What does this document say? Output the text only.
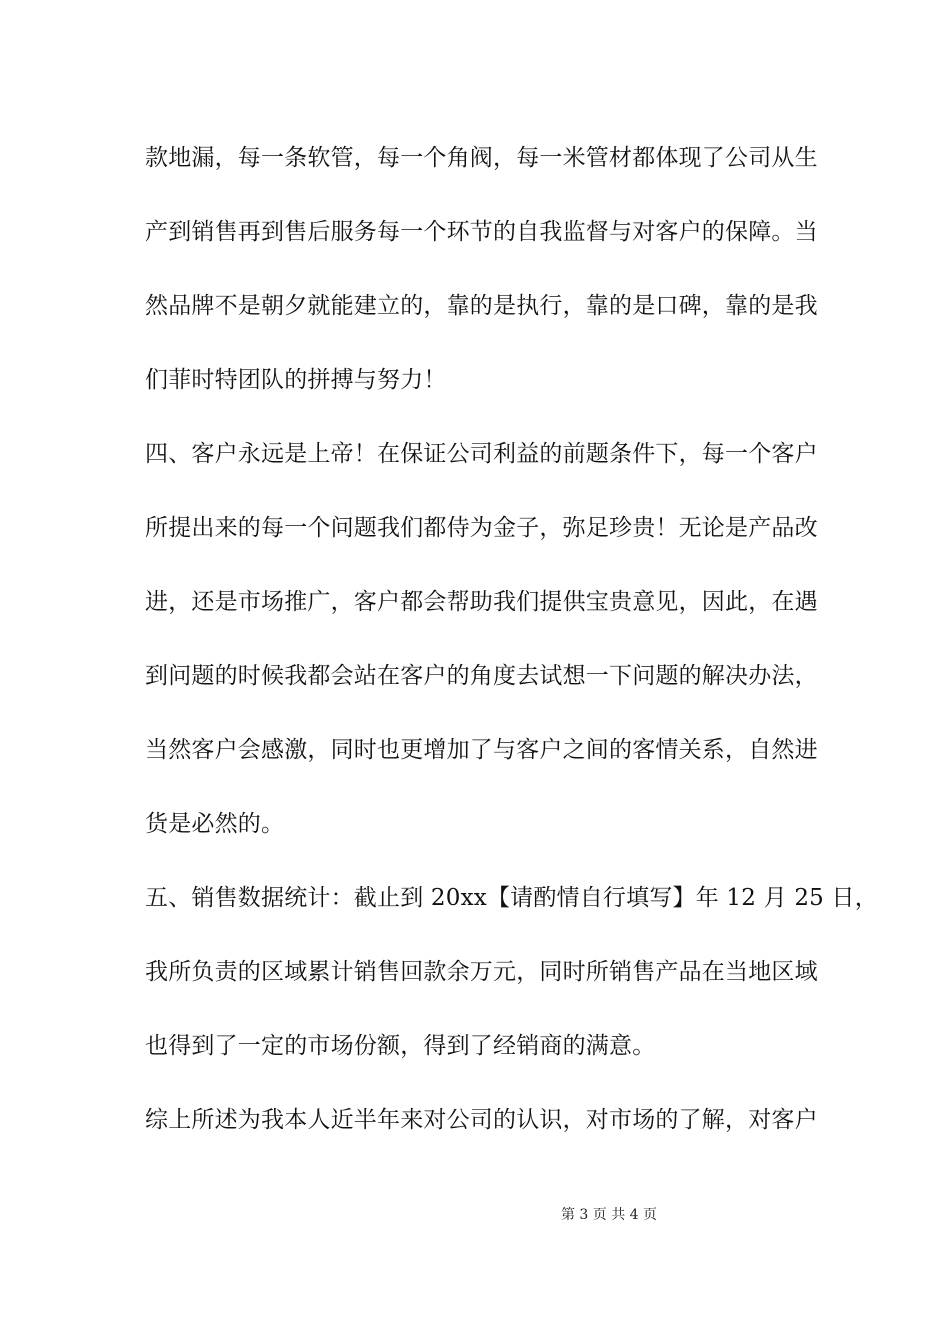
款地漏，每一条软管，每一个角阀，每一米管材都体现了公司从生
产到销售再到售后服务每一个环节的自我监督与对客户的保障。当
然品牌不是朝夕就能建立的，靠的是执行，靠的是口碑，靠的是我
们菲时特团队的拼搏与努力！
四、客户永远是上帝！在保证公司利益的前题条件下，每一个客户
所提出来的每一个问题我们都侍为金子，弥足珍贵！无论是产品改
进，还是市场推广，客户都会帮助我们提供宝贵意见，因此，在遇
到问题的时候我都会站在客户的角度去试想一下问题的解决办法，
当然客户会感激，同时也更增加了与客户之间的客情关系，自然进
货是必然的。
五、销售数据统计：截止到 20xx【请酌情自行填写】年 12 月 25 日，
我所负责的区域累计销售回款余万元，同时所销售产品在当地区域
也得到了一定的市场份额，得到了经销商的满意。
综上所述为我本人近半年来对公司的认识，对市场的了解，对客户
第 3 页 共 4 页
